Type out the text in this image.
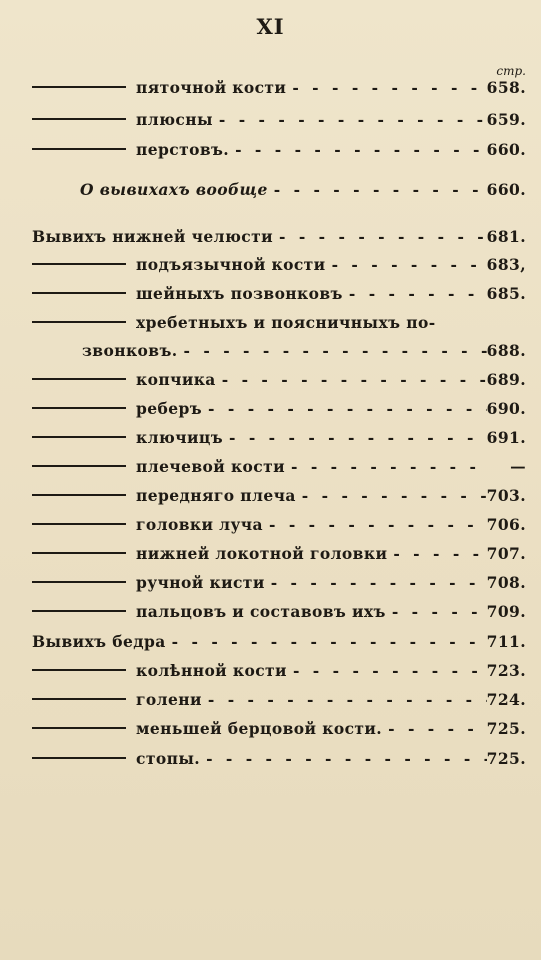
XI
стр.
пяточной кости - - -	658.
плюсны - - -	659.
перстовъ. - - -	660.
О вывихахъ вообще - - -	660.
Вывихъ нижней челюсти - - -	681.
подъязычной кости - - -	683,
шейныхъ позвонковъ - - -	685.
хребетныхъ и поясничныхъ по-
звонковъ. - - -	688.
копчика - - -	689.
реберъ - - -	690.
ключицъ - - -	691.
плечевой кости - - -	—
передняго плеча - - -	703.
головки луча - - -	706.
нижней локотной головки - - -	707.
ручной кисти - - -	708.
пальцовъ и составовъ ихъ - - -	709.
Вывихъ бедра - - -	711.
колѣнной кости - - -	723.
голени - - -	724.
меньшей берцовой кости. - - -	725.
стопы. - - -	725.
